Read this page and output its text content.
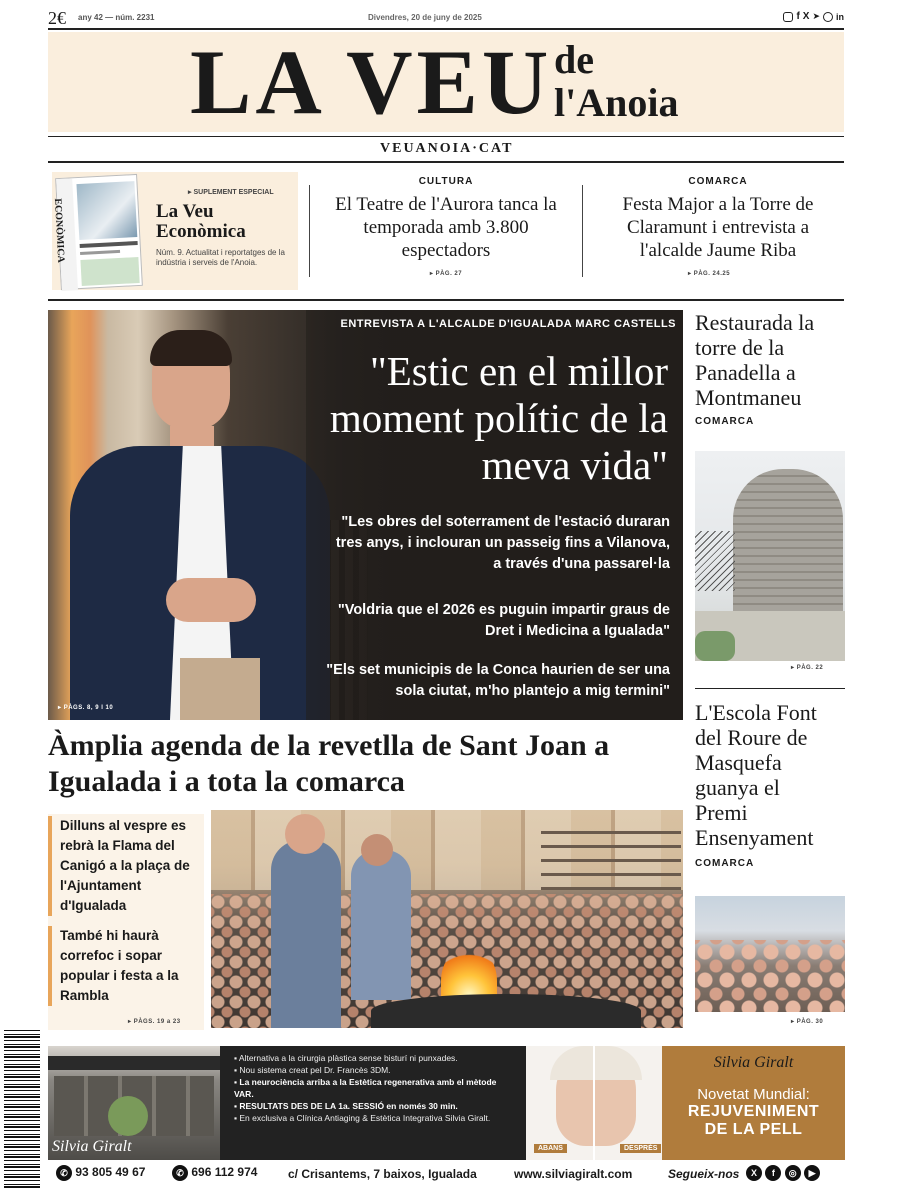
2€ any 42 — núm. 2231	Divendres, 20 de juny de 2025	f X ➤ in
LA VEU de
l'Anoia
VEUANOIA·CAT
ECONÒMICA
▸ SUPLEMENT ESPECIAL
La Veu
Econòmica
Núm. 9. Actualitat i reportatges de la indústria i serveis de l'Anoia.
CULTURA
El Teatre de l'Aurora tanca la temporada amb 3.800 espectadors
▸ PÀG. 27
COMARCA
Festa Major a la Torre de Claramunt i entrevista a l'alcalde Jaume Riba
▸ PÀG. 24.25
ENTREVISTA A L'ALCALDE D'IGUALADA MARC CASTELLS
"Estic en el millor moment polític de la meva vida"
"Les obres del soterrament de l'estació duraran tres anys, i inclouran un passeig fins a Vilanova, a través d'una passarel·la
"Voldria que el 2026 es puguin impartir graus de Dret i Medicina a Igualada"
"Els set municipis de la Conca haurien de ser una sola ciutat, m'ho plantejo a mig termini"
▸ PÀGS. 8, 9 I 10
Restaurada la torre de la Panadella a Montmaneu
COMARCA
▸ PÀG. 22
L'Escola Font del Roure de Masquefa guanya el Premi Ensenyament
COMARCA
▸ PÀG. 30
Àmplia agenda de la revetlla de Sant Joan a Igualada i a tota la comarca
Dilluns al vespre es rebrà la Flama del Canigó a la plaça de l'Ajuntament d'Igualada
També hi haurà correfoc i sopar popular i festa a la Rambla
▸ PÀGS. 19 a 23
Silvia Giralt
▪ Alternativa a la cirurgia plàstica sense bisturí ni punxades.
▪ Nou sistema creat pel Dr. Francès 3DM.
▪ La neurociència arriba a la Estètica regenerativa amb el mètode VAR.
▪ RESULTATS DES DE LA 1a. SESSIÓ en només 30 min.
▪ En exclusiva a Clínica Antiaging & Estètica Integrativa Silvia Giralt.
ABANS	DESPRÉS
Silvia Giralt
Novetat Mundial:
REJUVENIMENT
DE LA PELL
✆ 93 805 49 67	✆ 696 112 974	c/ Crisantems, 7 baixos, Igualada	www.silviagiralt.com	Segueix-nos	X f ◎ ▶
